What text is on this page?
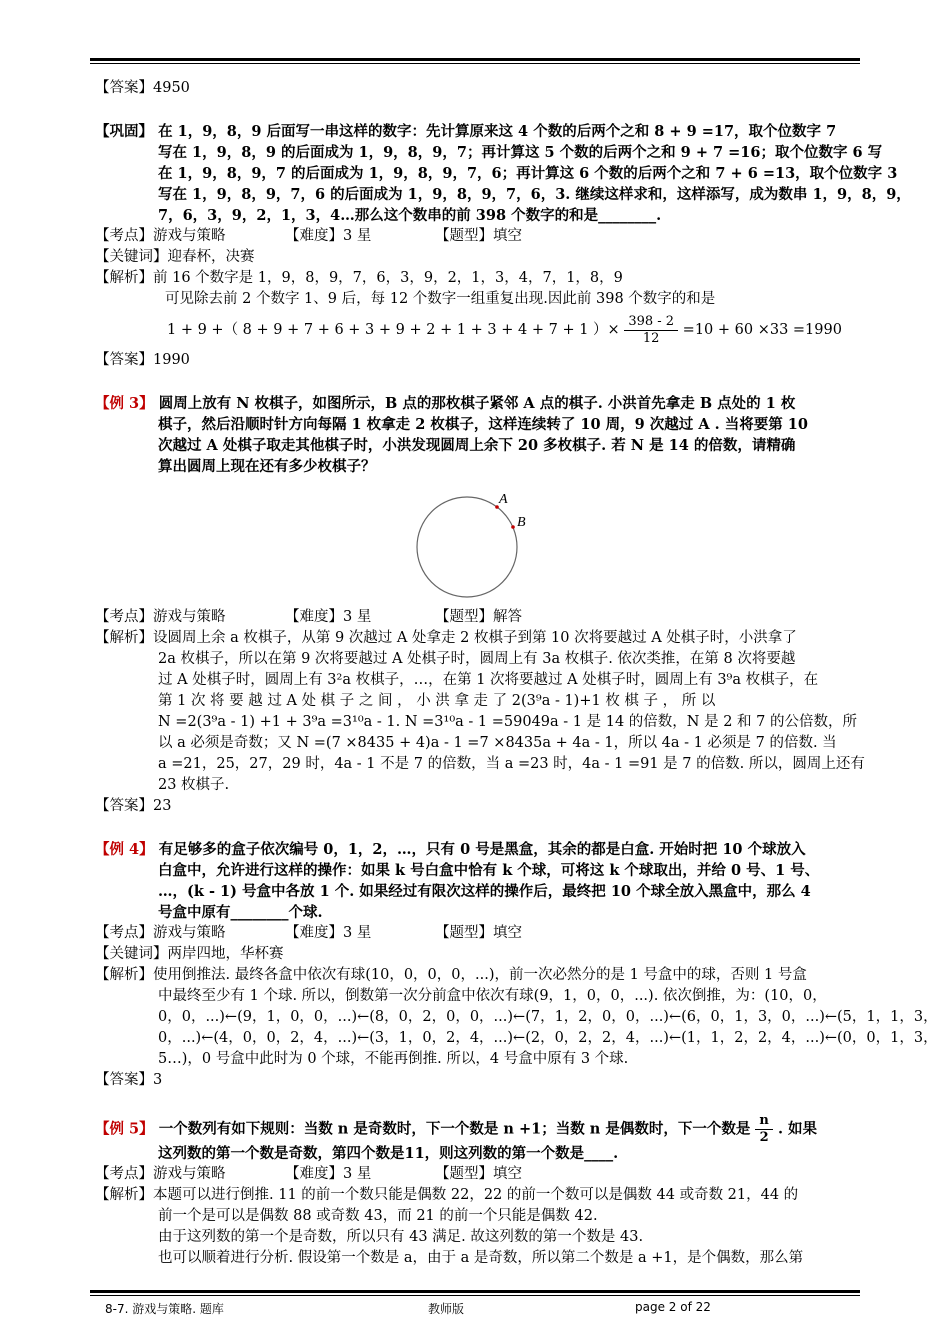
【答案】4950
【巩固】 在 1，9，8，9 后面写一串这样的数字：先计算原来这 4 个数的后两个之和 8 + 9 =17，取个位数字 7
写在 1，9，8，9 的后面成为 1，9，8，9，7；再计算这 5 个数的后两个之和 9 + 7 =16；取个位数字 6 写
在 1，9，8，9，7 的后面成为 1，9，8，9，7，6；再计算这 6 个数的后两个之和 7 + 6 =13，取个位数字 3
写在 1，9，8，9，7，6 的后面成为 1，9，8，9，7，6，3. 继续这样求和，这样添写，成为数串 1，9，8，9，
7，6，3，9，2，1，3，4…那么这个数串的前 398 个数字的和是________.
【考点】游戏与策略	【难度】3 星	【题型】填空
【关键词】迎春杯，决赛
【解析】前 16 个数字是 1，9，8，9，7，6，3，9，2，1，3，4，7，1，8，9
可见除去前 2 个数字 1、9 后，每 12 个数字一组重复出现.因此前 398 个数字的和是
1 + 9 +（ 8 + 9 + 7 + 6 + 3 + 9 + 2 + 1 + 3 + 4 + 7 + 1 ）× $\frac{398 - 2}{12} =10 + 60 \times 33 =1990$
【答案】1990
【例 3】 圆周上放有 N 枚棋子，如图所示，B 点的那枚棋子紧邻 A 点的棋子. 小洪首先拿走 B 点处的 1 枚
棋子，然后沿顺时针方向每隔 1 枚拿走 2 枚棋子，这样连续转了 10 周，9 次越过 A . 当将要第 10
次越过 A 处棋子取走其他棋子时，小洪发现圆周上余下 20 多枚棋子. 若 N 是 14 的倍数，请精确
算出圆周上现在还有多少枚棋子？
A
B
【考点】游戏与策略	【难度】3 星	【题型】解答
【解析】设圆周上余 a 枚棋子，从第 9 次越过 A 处拿走 2 枚棋子到第 10 次将要越过 A 处棋子时，小洪拿了
2a 枚棋子，所以在第 9 次将要越过 A 处棋子时，圆周上有 3a 枚棋子. 依次类推，在第 8 次将要越
过 A 处棋子时，圆周上有 3²a 枚棋子，…，在第 1 次将要越过 A 处棋子时，圆周上有 3⁹a 枚棋子，在
第 1 次 将 要 越 过 A 处 棋 子 之 间 ， 小 洪 拿 走 了 2(3⁹a - 1)+1 枚 棋 子 ， 所 以
N =2(3⁹a - 1) +1 + 3⁹a =3¹⁰a - 1. N =3¹⁰a - 1 =59049a - 1 是 14 的倍数，N 是 2 和 7 的公倍数，所
以 a 必须是奇数；又 N =(7 ×8435 + 4)a - 1 =7 ×8435a + 4a - 1，所以 4a - 1 必须是 7 的倍数. 当
a =21，25，27，29 时，4a - 1 不是 7 的倍数，当 a =23 时，4a - 1 =91 是 7 的倍数. 所以，圆周上还有
23 枚棋子.
【答案】23
【例 4】 有足够多的盒子依次编号 0，1，2，…，只有 0 号是黑盒，其余的都是白盒. 开始时把 10 个球放入
白盒中，允许进行这样的操作：如果 k 号白盒中恰有 k 个球，可将这 k 个球取出，并给 0 号、1 号、
…，(k - 1) 号盒中各放 1 个. 如果经过有限次这样的操作后，最终把 10 个球全放入黑盒中，那么 4
号盒中原有________个球.
【考点】游戏与策略	【难度】3 星	【题型】填空
【关键词】两岸四地，华杯赛
【解析】使用倒推法. 最终各盒中依次有球(10，0，0，0，...)，前一次必然分的是 1 号盒中的球，否则 1 号盒
中最终至少有 1 个球. 所以，倒数第一次分前盒中依次有球(9，1，0，0，...). 依次倒推，为：(10，0，
0，0，...)←(9，1，0，0，...)←(8，0，2，0，0，...)←(7，1，2，0，0，...)←(6，0，1，3，0，...)←(5，1，1，3，
0，...)←(4，0，0，2，4，...)←(3，1，0，2，4，...)←(2，0，2，2，4，...)←(1，1，2，2，4，...)←(0，0，1，3，
5…)，0 号盒中此时为 0 个球，不能再倒推. 所以，4 号盒中原有 3 个球.
【答案】3
【例 5】 一个数列有如下规则：当数 n 是奇数时，下一个数是 n +1；当数 n 是偶数时，下一个数是 $\frac{n}{2}$ . 如果
这列数的第一个数是奇数，第四个数是11，则这列数的第一个数是____.
【考点】游戏与策略	【难度】3 星	【题型】填空
【解析】本题可以进行倒推. 11 的前一个数只能是偶数 22，22 的前一个数可以是偶数 44 或奇数 21，44 的
前一个是可以是偶数 88 或奇数 43，而 21 的前一个只能是偶数 42.
由于这列数的第一个是奇数，所以只有 43 满足. 故这列数的第一个数是 43.
也可以顺着进行分析. 假设第一个数是 a，由于 a 是奇数，所以第二个数是 a +1，是个偶数，那么第
8-7. 游戏与策略. 题库	教师版	page 2 of 22
